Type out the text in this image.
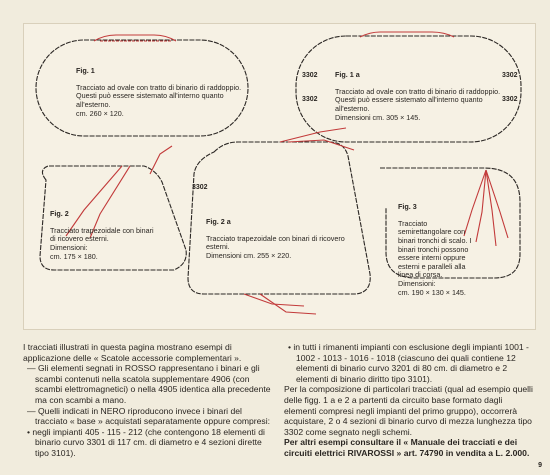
Fig. 1

Tracciato ad ovale con tratto di binario di raddoppio. Questi può essere sistemato all'interno quanto all'esterno.
cm. 260 × 120.

Fig. 1 a

Tracciato ad ovale con tratto di binario di raddoppio. Questi può essere sistemato all'interno quanto all'esterno.
Dimensioni cm. 305 × 145.

3302	3302
3302	3302

Fig. 2

Tracciato trapezoidale con binari di ricovero esterni.
Dimensioni:
cm. 175 × 180.

Fig. 2 a

Tracciato trapezoidale con binari di ricovero esterni.
Dimensioni cm. 255 × 220.

3302

Fig. 3

Tracciato semirettangolare con binari tronchi di scalo. I binari tronchi possono essere interni oppure esterni e paralleli alla linea di corsa.
Dimensioni:
cm. 190 × 130 × 145.

I tracciati illustrati in questa pagina mostrano esempi di applicazione delle « Scatole accessorie complementari ».

— Gli elementi segnati in ROSSO rappresentano i binari e gli scambi contenuti nella scatola supplementare 4906 (con scambi elettromagnetici) o nella 4905 identica alla precedente ma con scambi a mano.

— Quelli indicati in NERO riproducono invece i binari del tracciato « base » acquistati separatamente oppure compresi:

• negli impianti 405 - 115 - 212 (che contengono 18 elementi di binario curvo 3301 di 117 cm. di diametro e 4 sezioni dirette tipo 3101).

• in tutti i rimanenti impianti con esclusione degli impianti 1001 - 1002 - 1013 - 1016 - 1018 (ciascuno dei quali contiene 12 elementi di binario curvo 3201 di 80 cm. di diametro e 2 elementi di binario diritto tipo 3101).

Per la composizione di particolari tracciati (qual ad esempio quelli delle figg. 1 a e 2 a partenti da circuito base formato dagli elementi compresi negli impianti del primo gruppo), occorrerà acquistare, 2 o 4 sezioni di binario curvo di mezza lunghezza tipo 3302 come segnato negli schemi.

Per altri esempi consultare il « Manuale dei tracciati e dei circuiti elettrici RIVAROSSI » art. 74790 in vendita a L. 2.000.

9
